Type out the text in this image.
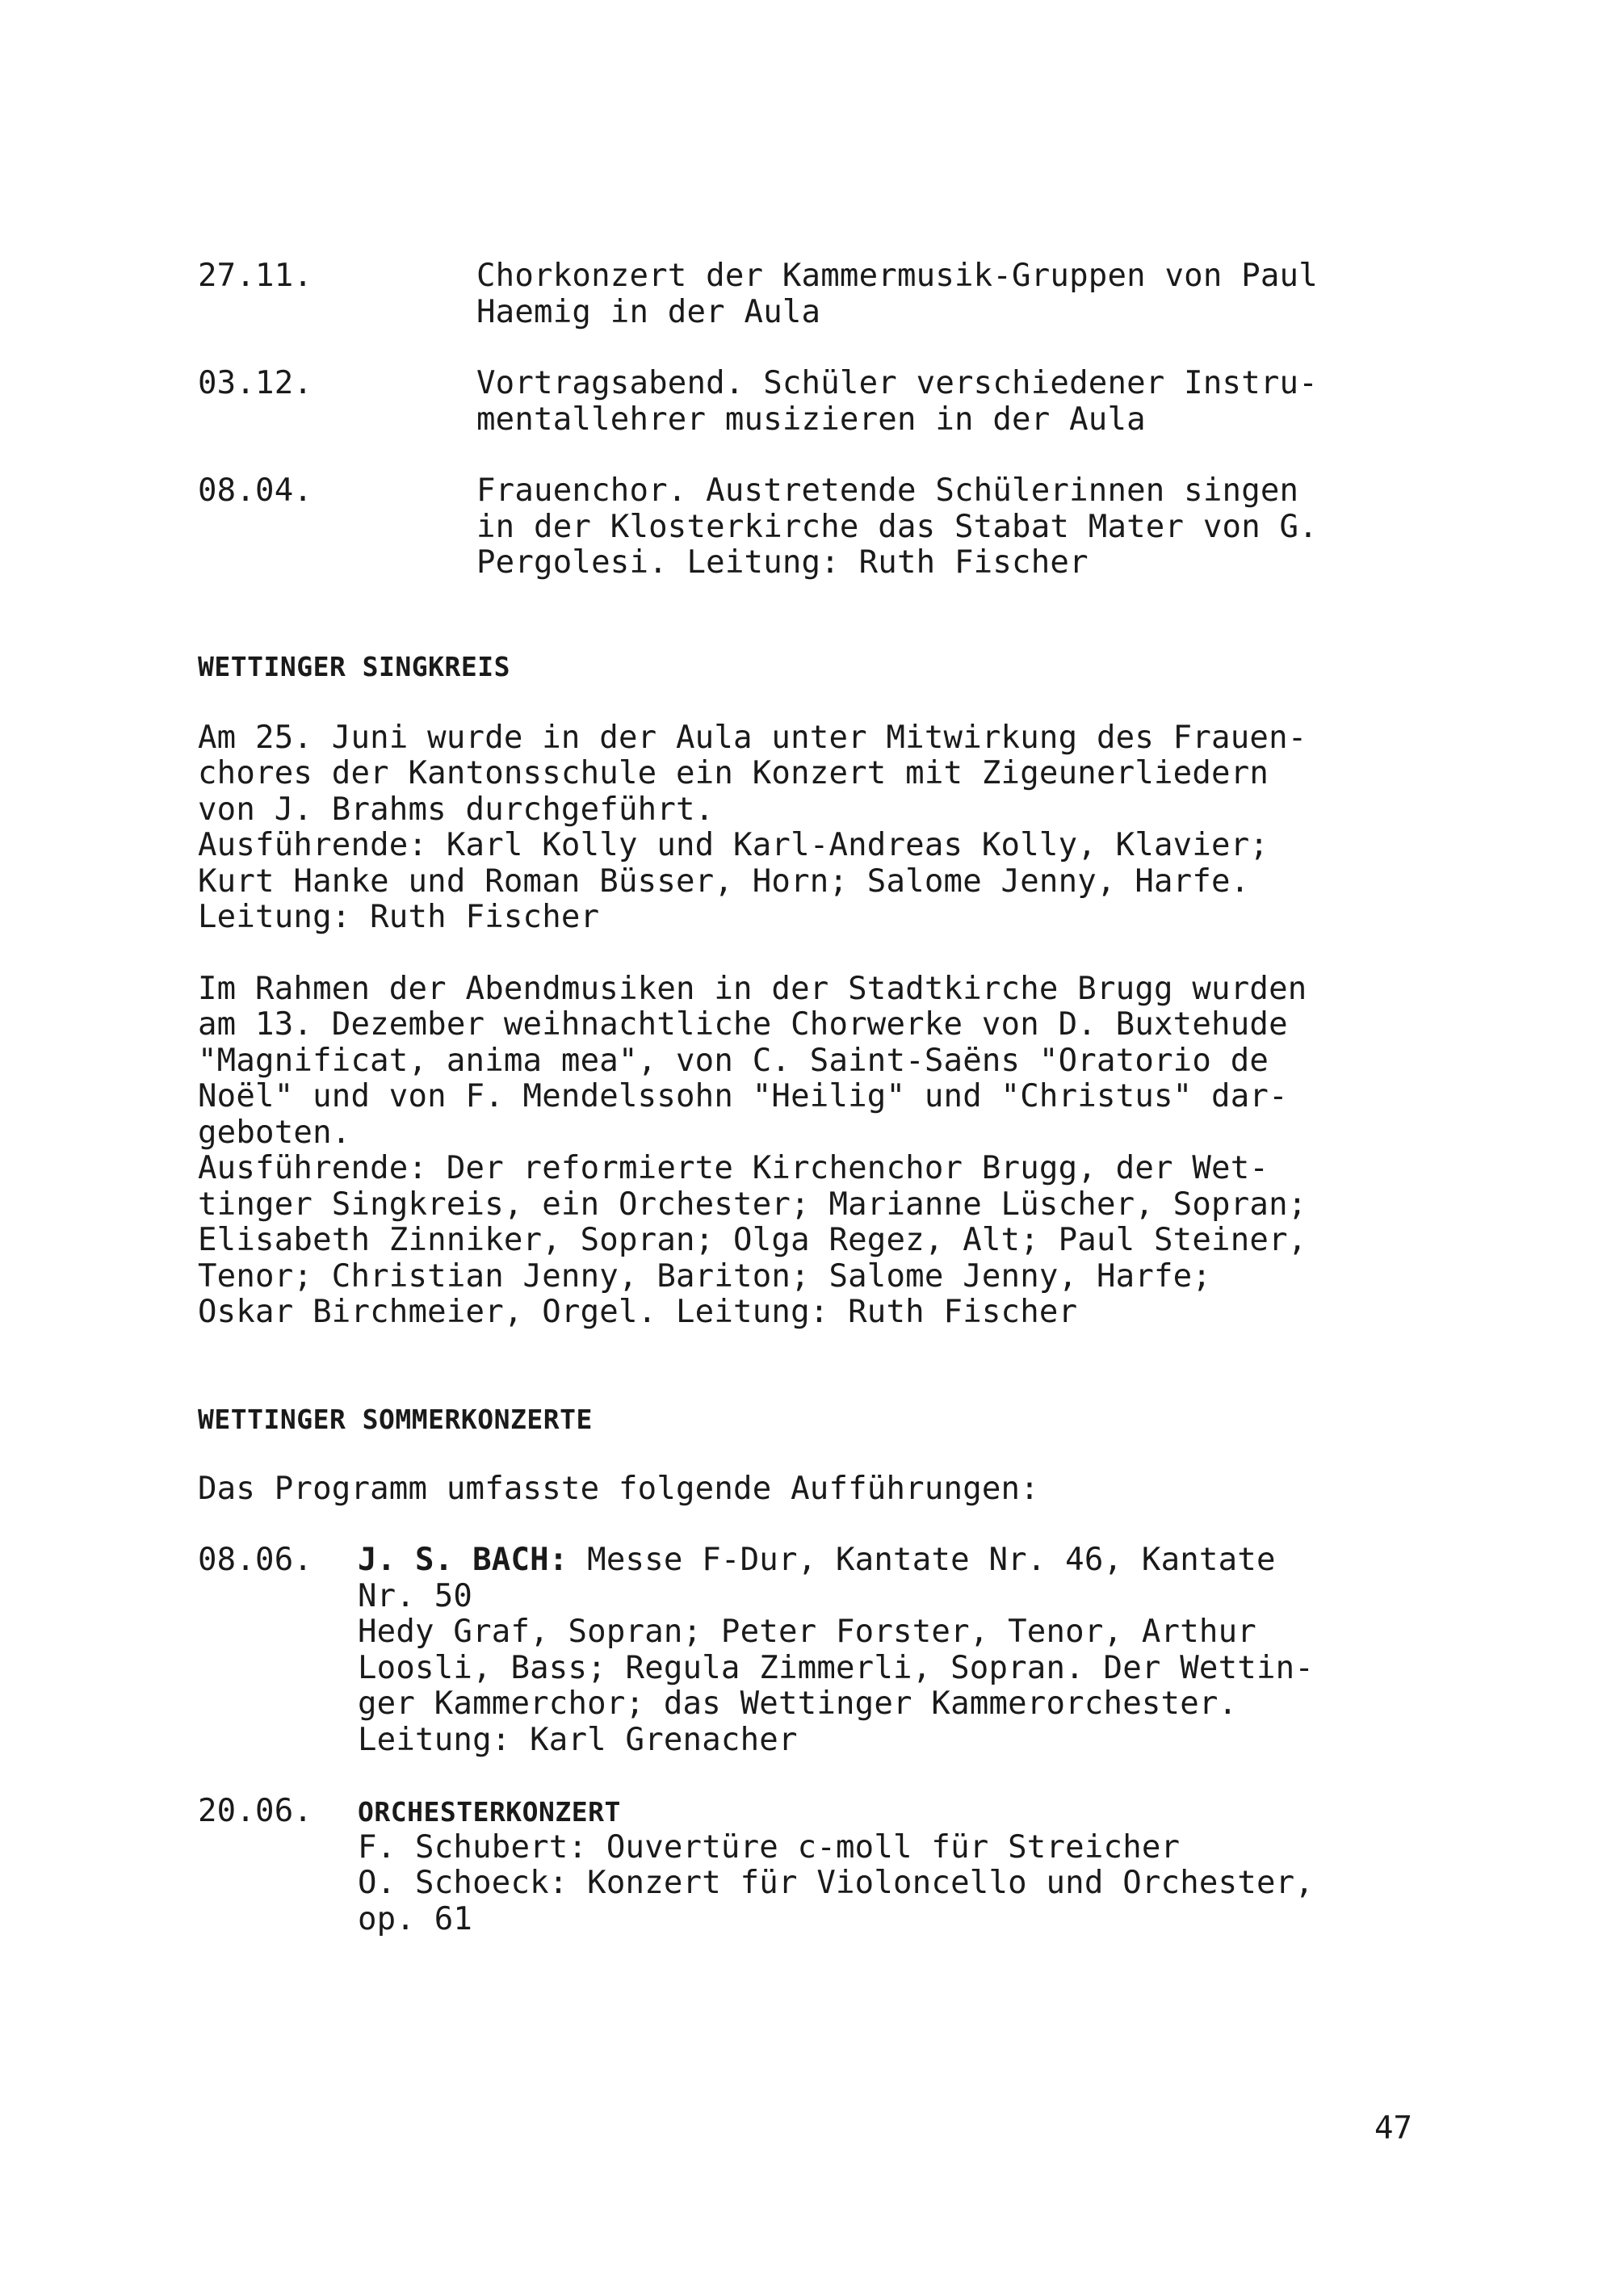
27.11.	Chorkonzert der Kammermusik-Gruppen von Paul
Haemig in der Aula
03.12.	Vortragsabend. Schüler verschiedener Instru-
mentallehrer musizieren in der Aula
08.04.	Frauenchor. Austretende Schülerinnen singen
in der Klosterkirche das Stabat Mater von G.
Pergolesi. Leitung: Ruth Fischer
WETTINGER SINGKREIS
Am 25. Juni wurde in der Aula unter Mitwirkung des Frauen-
chores der Kantonsschule ein Konzert mit Zigeunerliedern
von J. Brahms durchgeführt.
Ausführende: Karl Kolly und Karl-Andreas Kolly, Klavier;
Kurt Hanke und Roman Büsser, Horn; Salome Jenny, Harfe.
Leitung: Ruth Fischer
Im Rahmen der Abendmusiken in der Stadtkirche Brugg wurden
am 13. Dezember weihnachtliche Chorwerke von D. Buxtehude
"Magnificat, anima mea", von C. Saint-Saëns "Oratorio de
Noël" und von F. Mendelssohn "Heilig" und "Christus" dar-
geboten.
Ausführende: Der reformierte Kirchenchor Brugg, der Wet-
tinger Singkreis, ein Orchester; Marianne Lüscher, Sopran;
Elisabeth Zinniker, Sopran; Olga Regez, Alt; Paul Steiner,
Tenor; Christian Jenny, Bariton; Salome Jenny, Harfe;
Oskar Birchmeier, Orgel. Leitung: Ruth Fischer
WETTINGER SOMMERKONZERTE
Das Programm umfasste folgende Aufführungen:
08.06.	J. S. BACH: Messe F-Dur, Kantate Nr. 46, Kantate
Nr. 50
Hedy Graf, Sopran; Peter Forster, Tenor, Arthur
Loosli, Bass; Regula Zimmerli, Sopran. Der Wettin-
ger Kammerchor; das Wettinger Kammerorchester.
Leitung: Karl Grenacher
20.06.	ORCHESTERKONZERT
F. Schubert: Ouvertüre c-moll für Streicher
O. Schoeck: Konzert für Violoncello und Orchester,
op. 61
47
